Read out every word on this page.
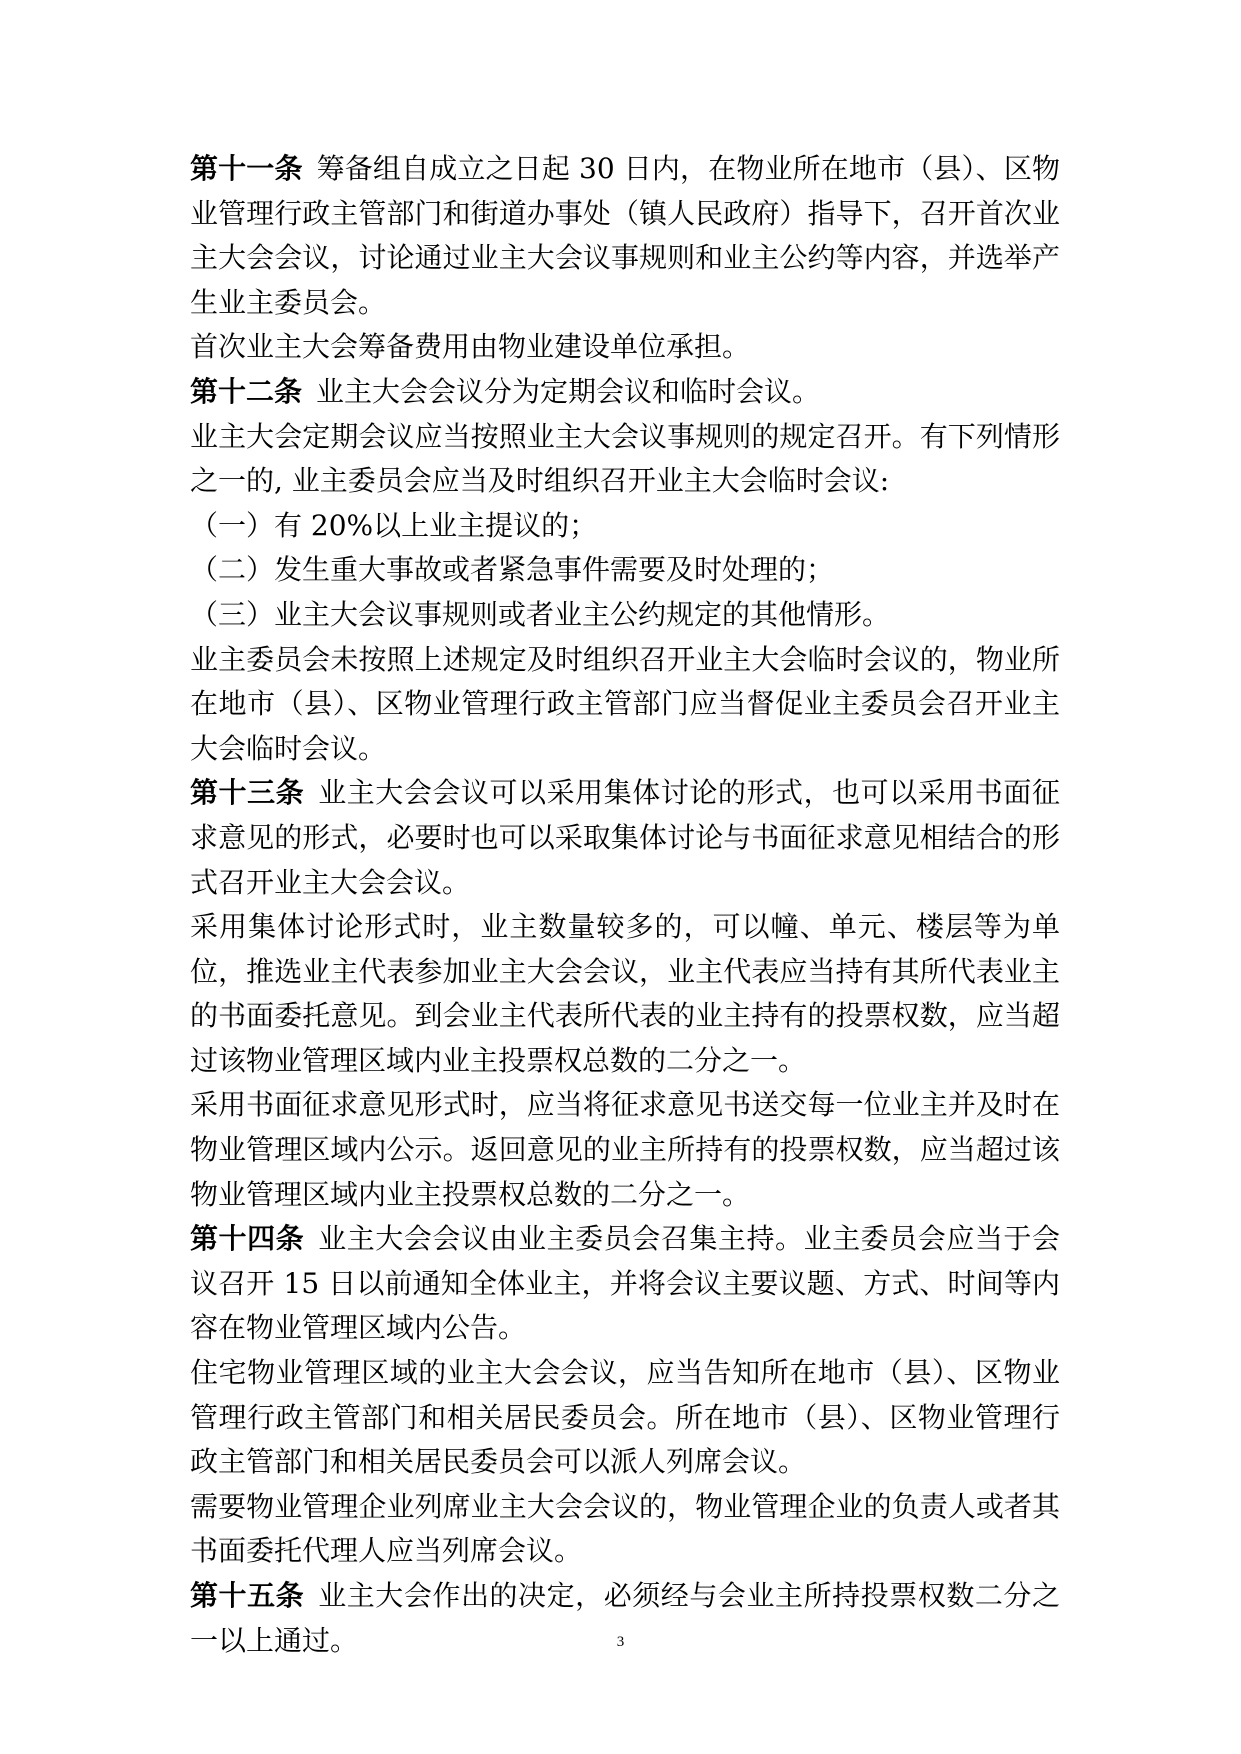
第十一条 筹备组自成立之日起 30 日内，在物业所在地市（县）、区物业管理行政主管部门和街道办事处（镇人民政府）指导下，召开首次业主大会会议，讨论通过业主大会议事规则和业主公约等内容，并选举产生业主委员会。

首次业主大会筹备费用由物业建设单位承担。

第十二条 业主大会会议分为定期会议和临时会议。

业主大会定期会议应当按照业主大会议事规则的规定召开。有下列情形之一的, 业主委员会应当及时组织召开业主大会临时会议:

（一）有 20%以上业主提议的；

（二）发生重大事故或者紧急事件需要及时处理的；

（三）业主大会议事规则或者业主公约规定的其他情形。

业主委员会未按照上述规定及时组织召开业主大会临时会议的，物业所在地市（县）、区物业管理行政主管部门应当督促业主委员会召开业主大会临时会议。

第十三条 业主大会会议可以采用集体讨论的形式，也可以采用书面征求意见的形式，必要时也可以采取集体讨论与书面征求意见相结合的形式召开业主大会会议。

采用集体讨论形式时，业主数量较多的，可以幢、单元、楼层等为单位，推选业主代表参加业主大会会议，业主代表应当持有其所代表业主的书面委托意见。到会业主代表所代表的业主持有的投票权数，应当超过该物业管理区域内业主投票权总数的二分之一。

采用书面征求意见形式时，应当将征求意见书送交每一位业主并及时在物业管理区域内公示。返回意见的业主所持有的投票权数，应当超过该物业管理区域内业主投票权总数的二分之一。

第十四条 业主大会会议由业主委员会召集主持。业主委员会应当于会议召开 15 日以前通知全体业主，并将会议主要议题、方式、时间等内容在物业管理区域内公告。

住宅物业管理区域的业主大会会议，应当告知所在地市（县）、区物业管理行政主管部门和相关居民委员会。所在地市（县）、区物业管理行政主管部门和相关居民委员会可以派人列席会议。

需要物业管理企业列席业主大会会议的，物业管理企业的负责人或者其书面委托代理人应当列席会议。

第十五条 业主大会作出的决定，必须经与会业主所持投票权数二分之一以上通过。	3
